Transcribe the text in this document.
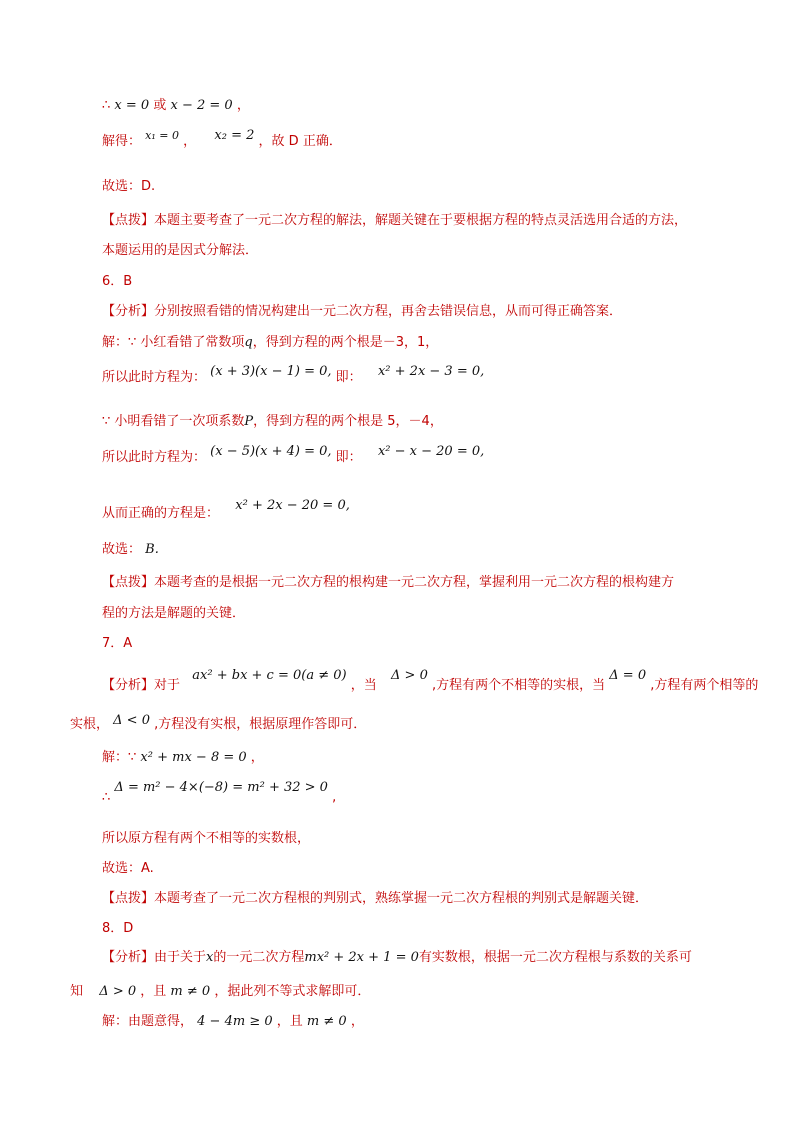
∴ x = 0 或 x − 2 = 0 ，
解得： $^{x_1 = 0}$ ， x₂ = 2 ，故 D 正确．
故选：D.
【点拨】本题主要考查了一元二次方程的解法，解题关键在于要根据方程的特点灵活选用合适的方法，
本题运用的是因式分解法．
6．B
【分析】分别按照看错的情况构建出一元二次方程，再舍去错误信息，从而可得正确答案．
解：∵ 小红看错了常数项q，得到方程的两个根是－3，1，
所以此时方程为： (x + 3)(x − 1) = 0, 即： x² + 2x − 3 = 0,
∵ 小明看错了一次项系数P，得到方程的两个根是 5，－4，
所以此时方程为： (x − 5)(x + 4) = 0, 即： x² − x − 20 = 0,
从而正确的方程是：  x² + 2x − 20 = 0,
故选： B.
【点拨】本题考查的是根据一元二次方程的根构建一元二次方程，掌握利用一元二次方程的根构建方
程的方法是解题的关键．
7．A
【分析】对于  ax² + bx + c = 0(a ≠ 0) ，当  Δ > 0 ,方程有两个不相等的实根，当 Δ = 0 ,方程有两个相等的
实根， Δ < 0 ,方程没有实根，根据原理作答即可．
解：∵ x² + mx − 8 = 0 ，
∴ Δ = m² − 4×(−8) = m² + 32 > 0 ,
所以原方程有两个不相等的实数根，
故选：A.
【点拨】本题考查了一元二次方程根的判别式，熟练掌握一元二次方程根的判别式是解题关键．
8．D
【分析】由于关于x的一元二次方程mx² + 2x + 1 = 0有实数根，根据一元二次方程根与系数的关系可
知 Δ > 0 ，且 m ≠ 0 ，据此列不等式求解即可．
解：由题意得， 4 − 4m ≥ 0 ，且 m ≠ 0 ，
